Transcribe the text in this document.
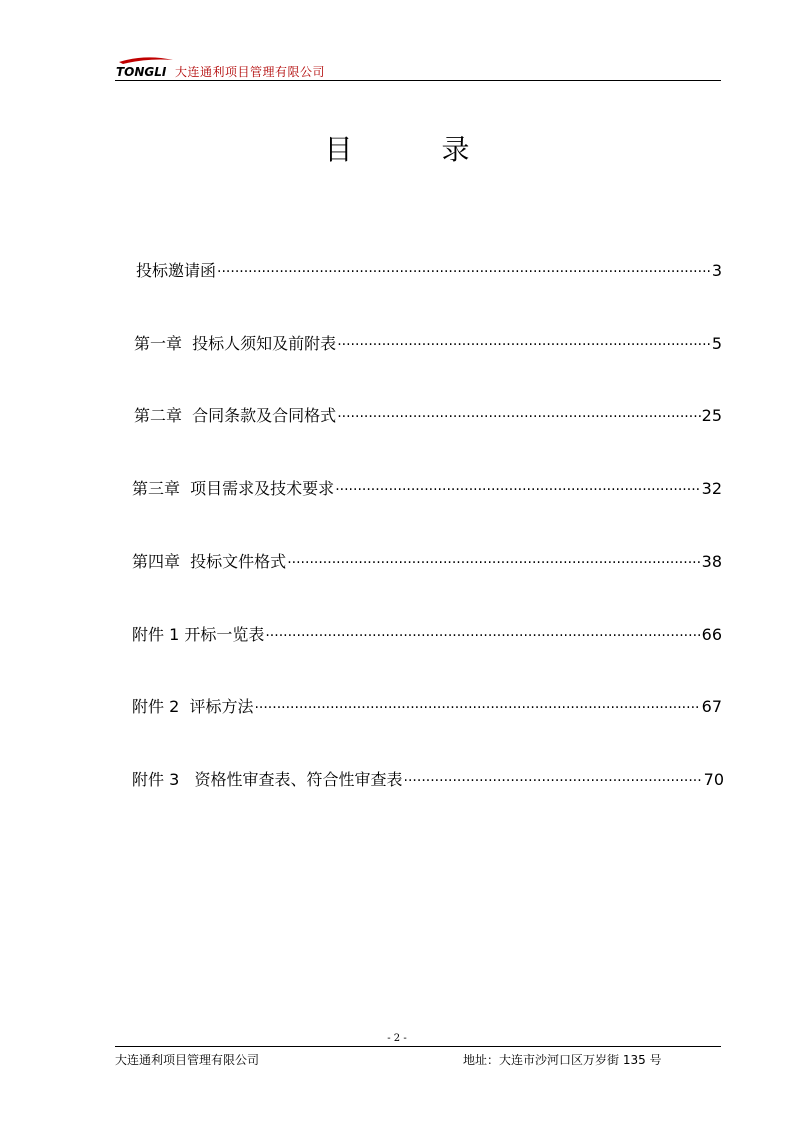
TONGLI 大连通利项目管理有限公司
目 录
投标邀请函 ·····	3
第一章  投标人须知及前附表 ·····	5
第二章  合同条款及合同格式 ·····	25
第三章  项目需求及技术要求 ·····	32
第四章  投标文件格式 ·····	38
附件 1 开标一览表 ·····	66
附件 2  评标方法 ·····	67
附件 3   资格性审查表、符合性审查表 ·····	70
- 2 -
大连通利项目管理有限公司	地址：大连市沙河口区万岁街 135 号
